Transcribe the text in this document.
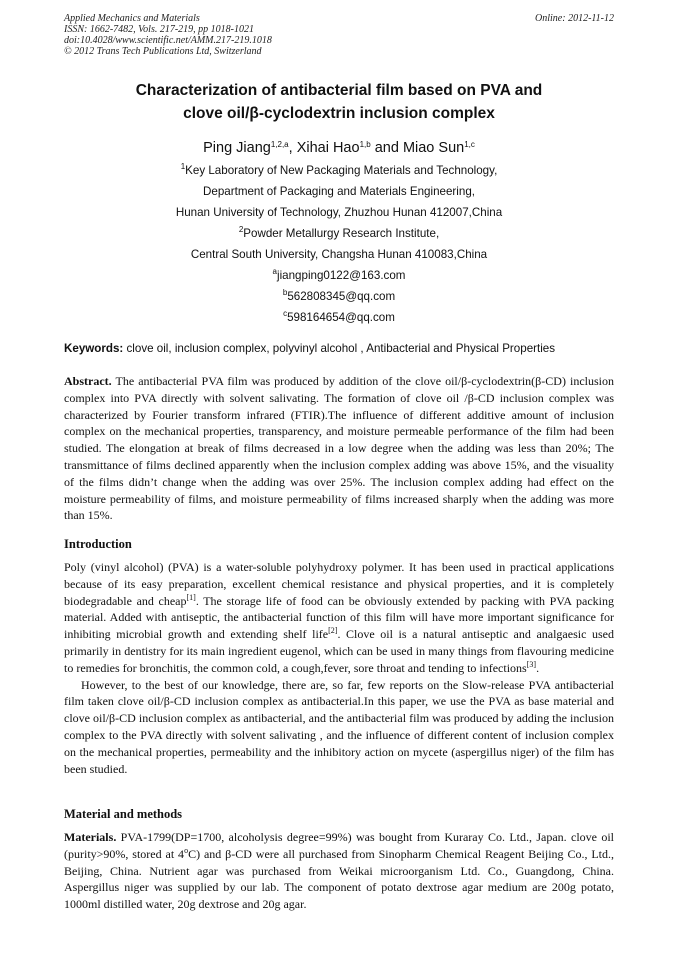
Applied Mechanics and Materials
ISSN: 1662-7482, Vols. 217-219, pp 1018-1021
doi:10.4028/www.scientific.net/AMM.217-219.1018
© 2012 Trans Tech Publications Ltd, Switzerland
Online: 2012-11-12
Characterization of antibacterial film based on PVA and
clove oil/β-cyclodextrin inclusion complex
Ping Jiang$^{1,2,a}$, Xihai Hao$^{1,b}$ and Miao Sun$^{1,c}$
$^1$Key Laboratory of New Packaging Materials and Technology,
Department of Packaging and Materials Engineering,
Hunan University of Technology, Zhuzhou Hunan 412007,China
$^2$Powder Metallurgy Research Institute,
Central South University, Changsha Hunan 410083,China
$^a$jiangping0122@163.com
$^b$562808345@qq.com
$^c$598164654@qq.com
Keywords: clove oil, inclusion complex, polyvinyl alcohol , Antibacterial and Physical Properties
Abstract. The antibacterial PVA film was produced by addition of the clove oil/β-cyclodextrin(β-CD) inclusion complex into PVA directly with solvent salivating. The formation of clove oil /β-CD inclusion complex was characterized by Fourier transform infrared (FTIR).The influence of different additive amount of inclusion complex on the mechanical properties, transparency, and moisture permeable performance of the film had been studied. The elongation at break of films decreased in a low degree when the adding was less than 20%; The transmittance of films declined apparently when the inclusion complex adding was above 15%, and the visuality of the films didn’t change when the adding was over 25%. The inclusion complex adding had effect on the moisture permeability of films, and moisture permeability of films increased sharply when the adding was more than 15%.
Introduction

Poly (vinyl alcohol) (PVA) is a water-soluble polyhydroxy polymer. It has been used in practical applications because of its easy preparation, excellent chemical resistance and physical properties, and it is completely biodegradable and cheap[1]. The storage life of food can be obviously extended by packing with PVA packing material. Added with antiseptic, the antibacterial function of this film will have more important significance for inhibiting microbial growth and extending shelf life[2]. Clove oil is a natural antiseptic and analgaesic used primarily in dentistry for its main ingredient eugenol, which can be used in many things from flavouring medicine to remedies for bronchitis, the common cold, a cough,fever, sore throat and tending to infections[3].

However, to the best of our knowledge, there are, so far, few reports on the Slow-release PVA antibacterial film taken clove oil/β-CD inclusion complex as antibacterial.In this paper, we use the PVA as base material and clove oil/β-CD inclusion complex as antibacterial, and the antibacterial film was produced by adding the inclusion complex to the PVA directly with solvent salivating , and the influence of different content of inclusion complex on the mechanical properties, permeability and the inhibitory action on mycete (aspergillus niger) of the film has been studied.

Material and methods
Materials. PVA-1799(DP=1700, alcoholysis degree=99%) was bought from Kuraray Co. Ltd., Japan. clove oil (purity>90%, stored at 4$^o$C) and β-CD were all purchased from Sinopharm Chemical Reagent Beijing Co., Ltd., Beijing, China. Nutrient agar was purchased from Weikai microorganism Ltd. Co., Guangdong, China. Aspergillus niger was supplied by our lab. The component of potato dextrose agar medium are 200g potato, 1000ml distilled water, 20g dextrose and 20g agar.
